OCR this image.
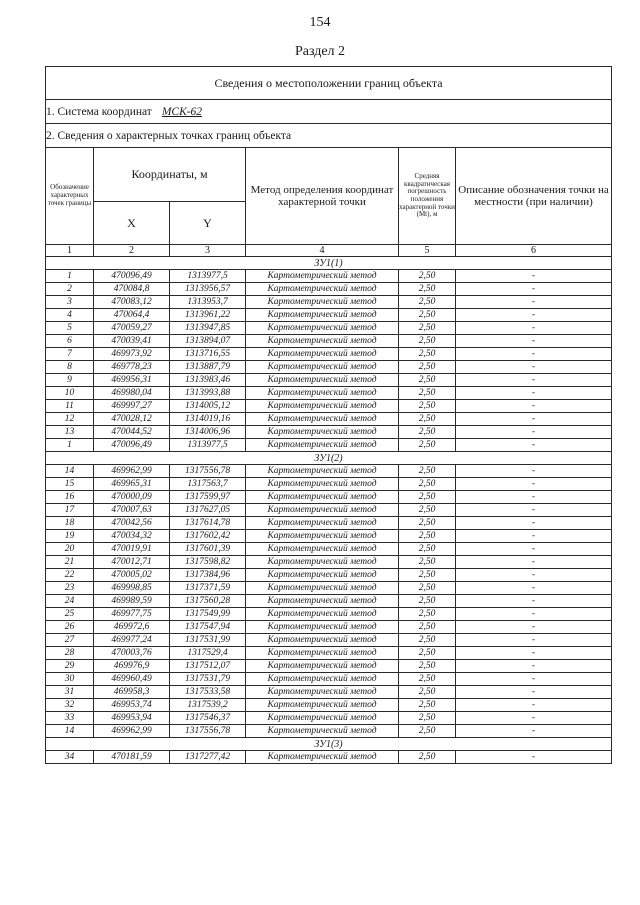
154
Раздел 2
Сведения о местоположении границ объекта					
1. Система координат МСК-62					
2. Сведения о характерных точках границ объекта					
Обозначение характерных точек границы	Координаты, м		Метод определения координат характерной точки	Средняя квадратическая погрешность положения характерной точки (Mt), м	Описание обозначения точки на местности (при наличии)
	X	Y			
1	2	3	4	5	6
ЗУ1(1)					
1	470096,49	1313977,5	Картометрический метод	2,50	-
2	470084,8	1313956,57	Картометрический метод	2,50	-
3	470083,12	1313953,7	Картометрический метод	2,50	-
4	470064,4	1313961,22	Картометрический метод	2,50	-
5	470059,27	1313947,85	Картометрический метод	2,50	-
6	470039,41	1313894,07	Картометрический метод	2,50	-
7	469973,92	1313716,55	Картометрический метод	2,50	-
8	469778,23	1313887,79	Картометрический метод	2,50	-
9	469956,31	1313983,46	Картометрический метод	2,50	-
10	469980,04	1313993,88	Картометрический метод	2,50	-
11	469997,27	1314005,12	Картометрический метод	2,50	-
12	470028,12	1314019,16	Картометрический метод	2,50	-
13	470044,52	1314006,96	Картометрический метод	2,50	-
1	470096,49	1313977,5	Картометрический метод	2,50	-
ЗУ1(2)					
14	469962,99	1317556,78	Картометрический метод	2,50	-
15	469965,31	1317563,7	Картометрический метод	2,50	-
16	470000,09	1317599,97	Картометрический метод	2,50	-
17	470007,63	1317627,05	Картометрический метод	2,50	-
18	470042,56	1317614,78	Картометрический метод	2,50	-
19	470034,32	1317602,42	Картометрический метод	2,50	-
20	470019,91	1317601,39	Картометрический метод	2,50	-
21	470012,71	1317598,82	Картометрический метод	2,50	-
22	470005,02	1317384,96	Картометрический метод	2,50	-
23	469998,85	1317371,59	Картометрический метод	2,50	-
24	469989,59	1317560,28	Картометрический метод	2,50	-
25	469977,75	1317549,99	Картометрический метод	2,50	-
26	469972,6	1317547,94	Картометрический метод	2,50	-
27	469977,24	1317531,99	Картометрический метод	2,50	-
28	470003,76	1317529,4	Картометрический метод	2,50	-
29	469976,9	1317512,07	Картометрический метод	2,50	-
30	469960,49	1317531,79	Картометрический метод	2,50	-
31	469958,3	1317533,58	Картометрический метод	2,50	-
32	469953,74	1317539,2	Картометрический метод	2,50	-
33	469953,94	1317546,37	Картометрический метод	2,50	-
14	469962,99	1317556,78	Картометрический метод	2,50	-
ЗУ1(3)					
34	470181,59	1317277,42	Картометрический метод	2,50	-
